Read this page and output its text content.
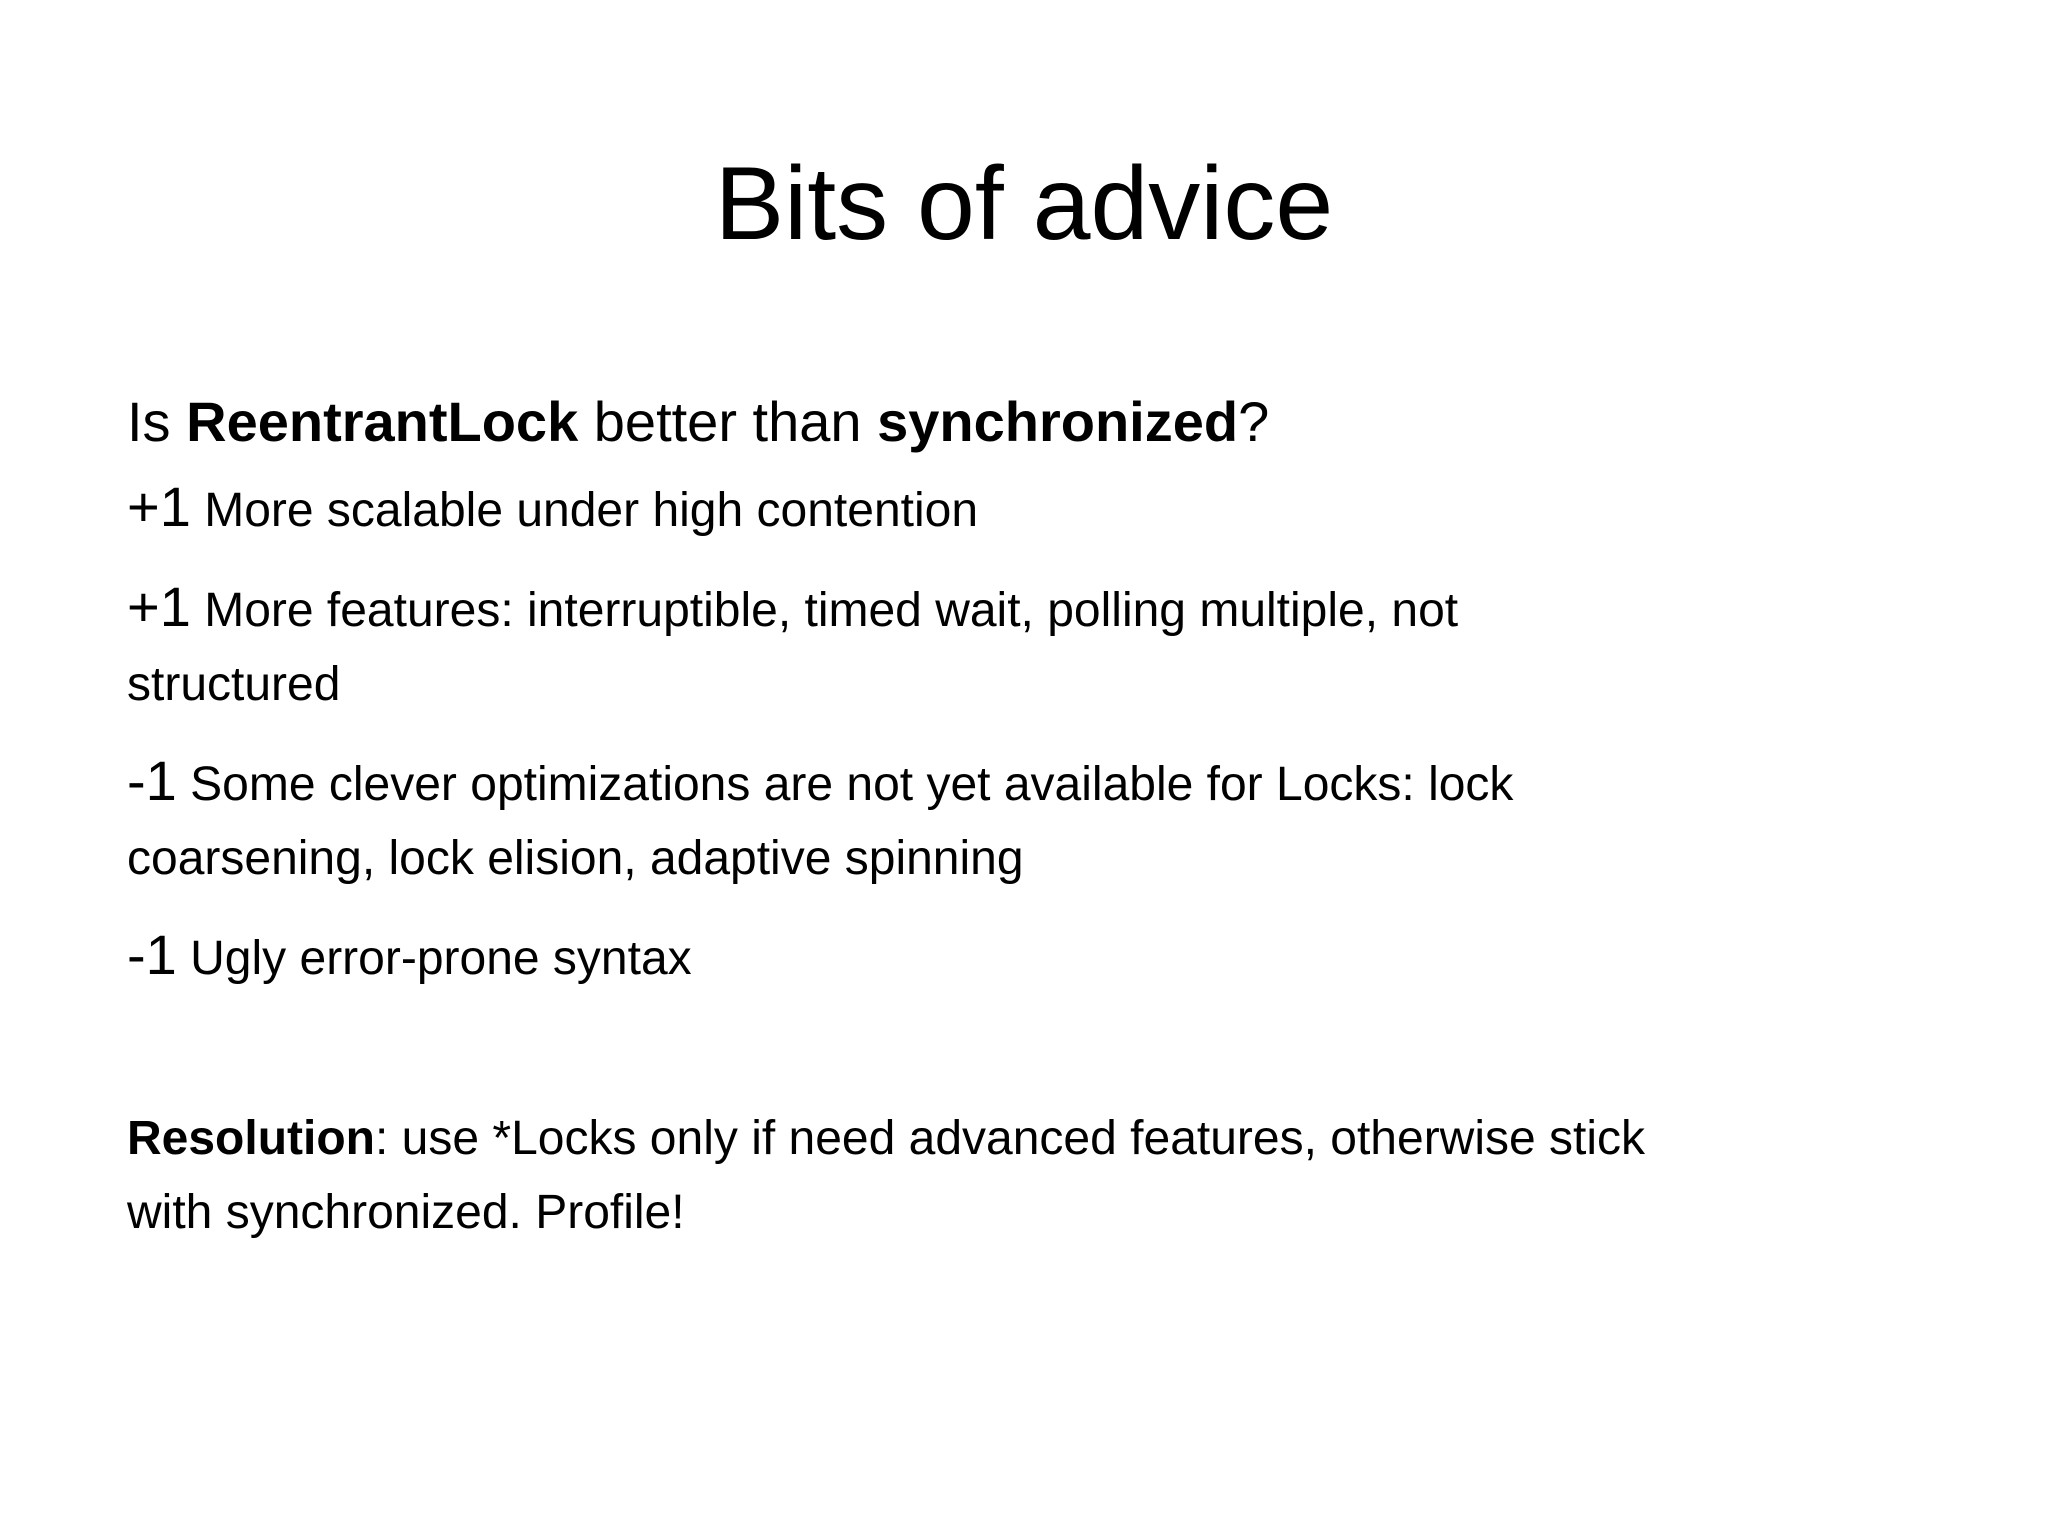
Bits of advice
Is ReentrantLock better than synchronized?
+1 More scalable under high contention
+1 More features: interruptible, timed wait, polling multiple, not
structured
-1 Some clever optimizations are not yet available for Locks: lock
coarsening, lock elision, adaptive spinning
-1 Ugly error-prone syntax
Resolution: use *Locks only if need advanced features, otherwise stick
with synchronized. Profile!
